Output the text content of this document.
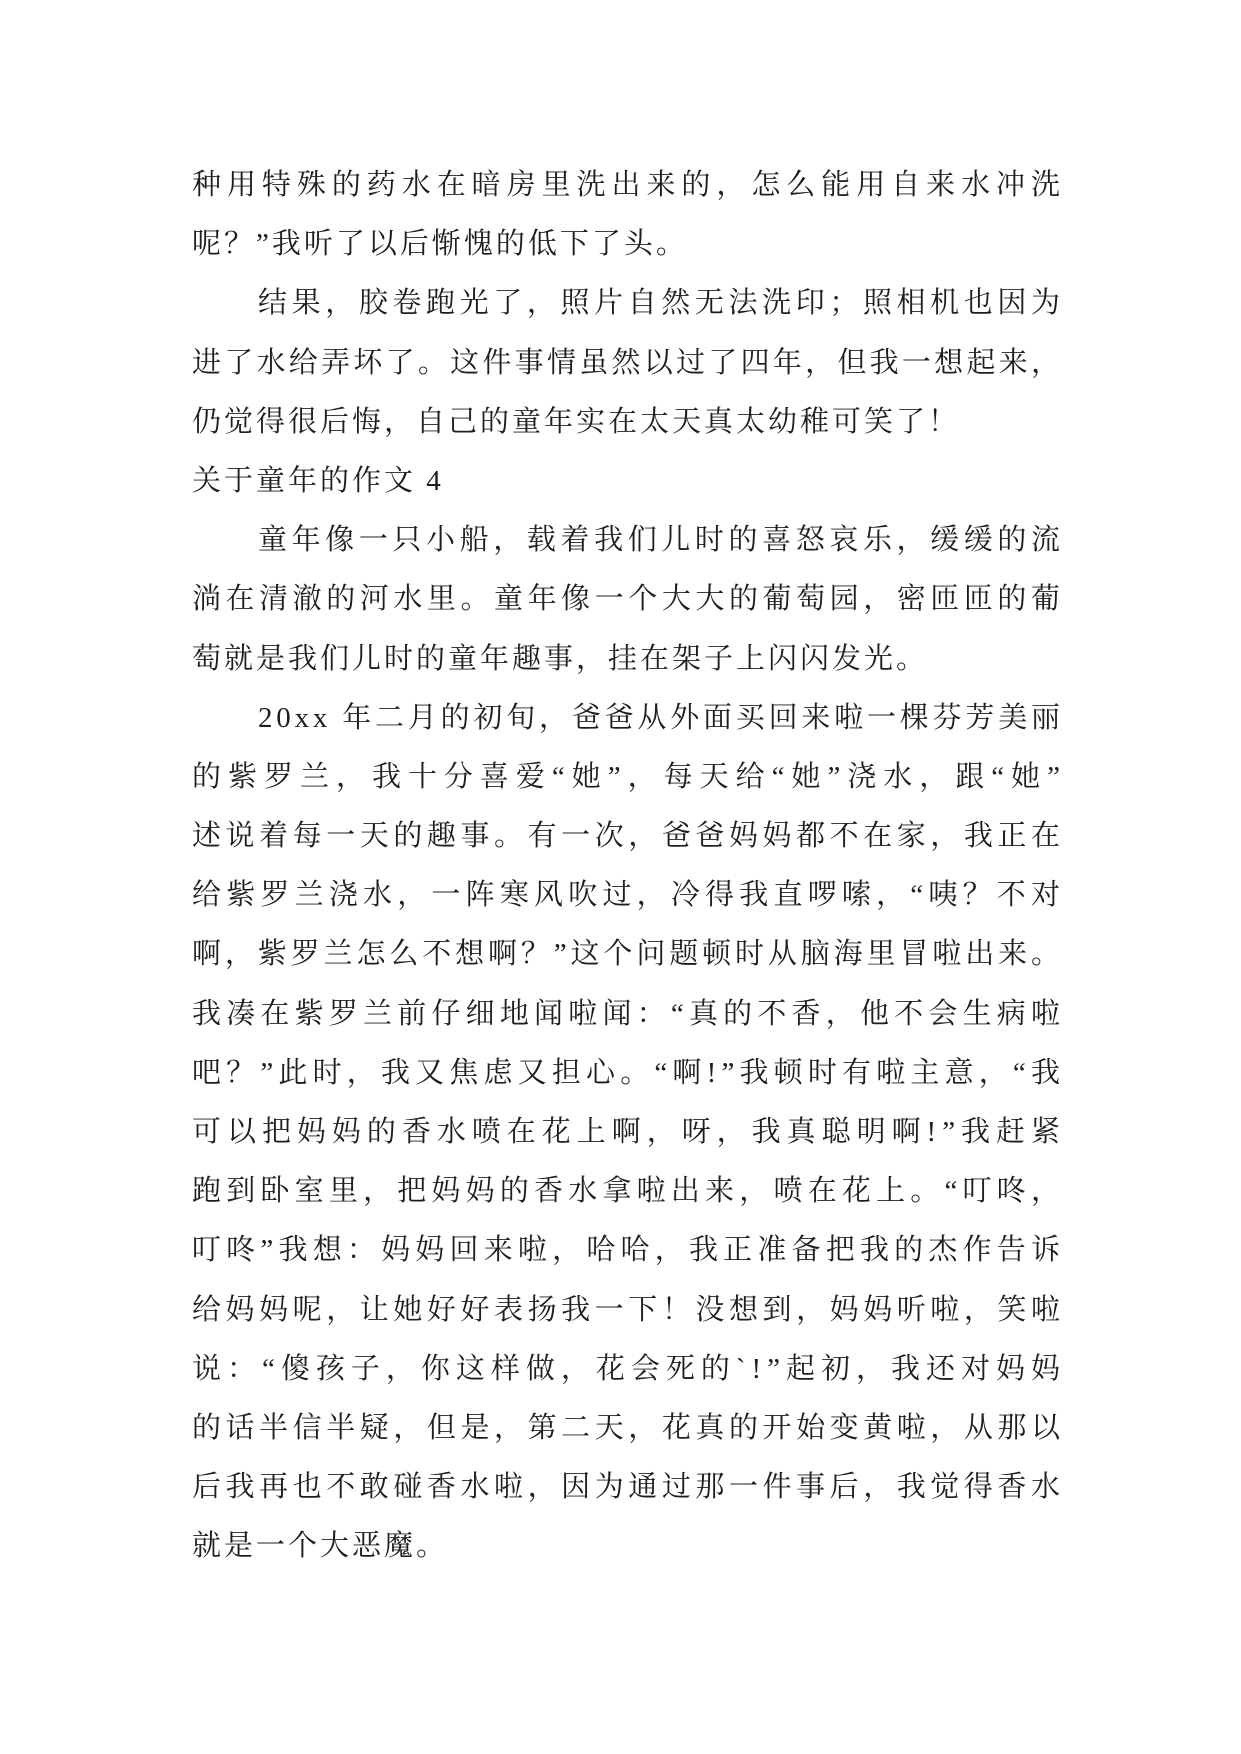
种用特殊的药水在暗房里洗出来的，怎么能用自来水冲洗
呢？”我听了以后惭愧的低下了头。
结果，胶卷跑光了，照片自然无法洗印；照相机也因为
进了水给弄坏了。这件事情虽然以过了四年，但我一想起来，
仍觉得很后悔，自己的童年实在太天真太幼稚可笑了！
关于童年的作文 4
童年像一只小船，载着我们儿时的喜怒哀乐，缓缓的流
淌在清澈的河水里。童年像一个大大的葡萄园，密匝匝的葡
萄就是我们儿时的童年趣事，挂在架子上闪闪发光。
20xx 年二月的初旬，爸爸从外面买回来啦一棵芬芳美丽
的紫罗兰，我十分喜爱“她”，每天给“她”浇水，跟“她”
述说着每一天的趣事。有一次，爸爸妈妈都不在家，我正在
给紫罗兰浇水，一阵寒风吹过，冷得我直啰嗦，“咦？不对
啊，紫罗兰怎么不想啊？”这个问题顿时从脑海里冒啦出来。
我凑在紫罗兰前仔细地闻啦闻：“真的不香，他不会生病啦
吧？”此时，我又焦虑又担心。“啊!”我顿时有啦主意，“我
可以把妈妈的香水喷在花上啊，呀，我真聪明啊!”我赶紧
跑到卧室里，把妈妈的香水拿啦出来，喷在花上。“叮咚，
叮咚”我想：妈妈回来啦，哈哈，我正准备把我的杰作告诉
给妈妈呢，让她好好表扬我一下！没想到，妈妈听啦，笑啦
说：“傻孩子，你这样做，花会死的`!”起初，我还对妈妈
的话半信半疑，但是，第二天，花真的开始变黄啦，从那以
后我再也不敢碰香水啦，因为通过那一件事后，我觉得香水
就是一个大恶魔。
